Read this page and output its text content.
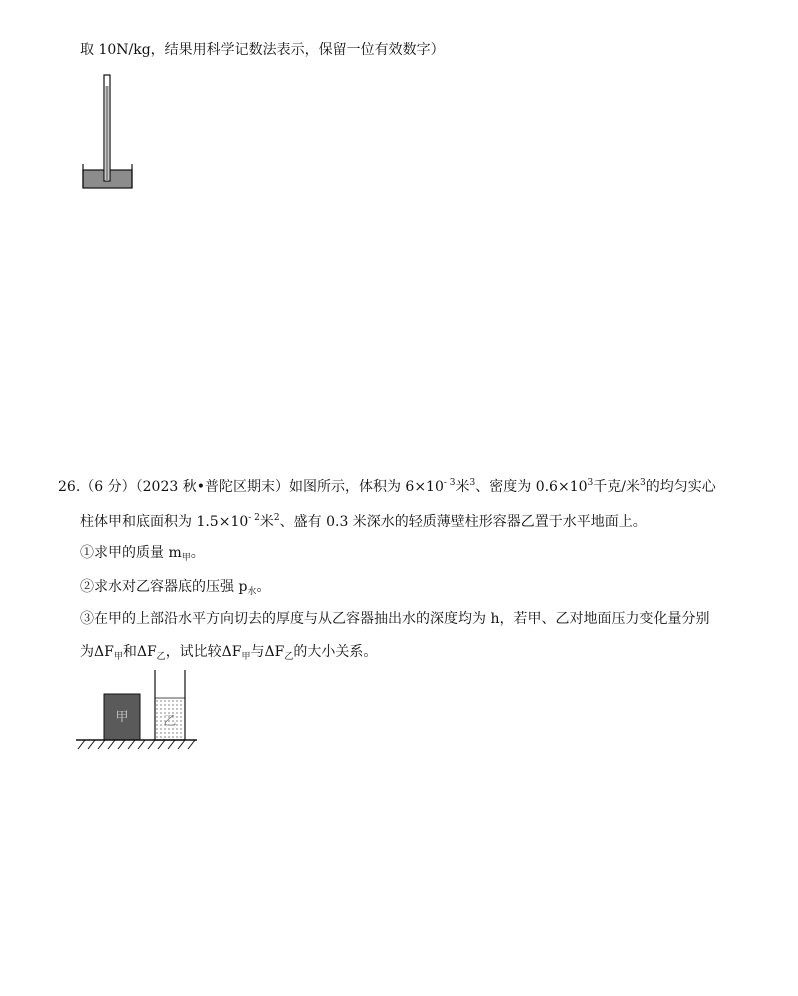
取 10N/kg，结果用科学记数法表示，保留一位有效数字）
26.（6 分）（2023 秋•普陀区期末）如图所示，体积为 $6\times 10^{- 3}$米$^3$、密度为 $0.6\times 10^3$千克/米$^3$的均匀实心
柱体甲和底面积为 $1.5\times 10^{- 2}$米$^2$、盛有 0.3 米深水的轻质薄壁柱形容器乙置于水平地面上。
①求甲的质量 $m_甲$。
②求水对乙容器底的压强 $p_水$。
③在甲的上部沿水平方向切去的厚度与从乙容器抽出水的深度均为 h，若甲、乙对地面压力变化量分别
为$\Delta F_甲$和$\Delta F_乙$，试比较$\Delta F_甲$与$\Delta F_乙$的大小关系。
甲	乙
